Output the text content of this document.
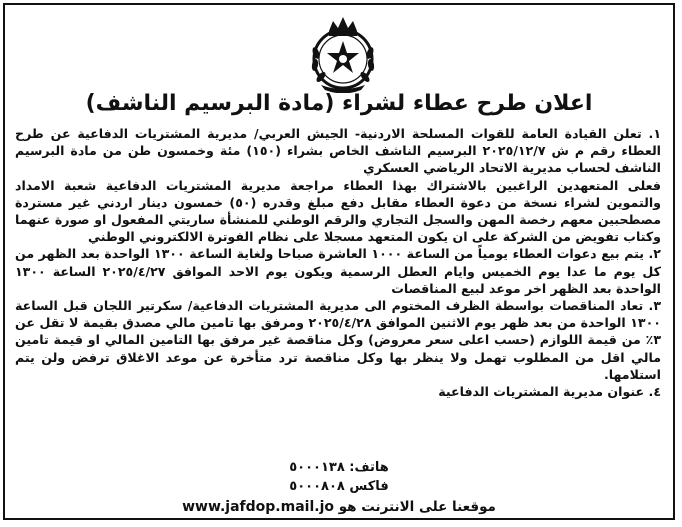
اعلان طرح عطاء لشراء (مادة البرسيم الناشف)

١. تعلن القيادة العامة للقوات المسلحة الاردنية- الجيش العربي/ مديرية المشتريات الدفاعية عن طرح العطاء رقم م ش ٢٠٢٥/١٢/٧ البرسيم الناشف الخاص بشراء (١٥٠) مئة وخمسون طن من مادة البرسيم الناشف لحساب مديرية الاتحاد الرياضي العسكري

فعلى المتعهدين الراغبين بالاشتراك بهذا العطاء مراجعة مديرية المشتريات الدفاعية شعبة الامداد والتموين لشراء نسخة من دعوة العطاء مقابل دفع مبلغ وقدره (٥٠) خمسون دينار اردني غير مستردة مصطحبين معهم رخصة المهن والسجل التجاري والرقم الوطني للمنشأة ساريتي المفعول او صورة عنهما وكتاب تفويض من الشركة على ان يكون المتعهد مسجلا على نظام الفوترة الالكتروني الوطني

٢. يتم بيع دعوات العطاء يومياً من الساعة ١٠٠٠ العاشرة صباحا ولغاية الساعة ١٣٠٠ الواحدة بعد الظهر من كل يوم ما عدا يوم الخميس وايام العطل الرسمية ويكون يوم الاحد الموافق ٢٠٢٥/٤/٢٧ الساعة ١٣٠٠ الواحدة بعد الظهر اخر موعد لبيع المناقصات

٣. تعاد المناقصات بواسطة الظرف المختوم الى مديرية المشتريات الدفاعية/ سكرتير اللجان قبل الساعة ١٣٠٠ الواحدة من بعد ظهر يوم الاثنين الموافق ٢٠٢٥/٤/٢٨ ومرفق بها تامين مالي مصدق بقيمة لا تقل عن ٣٪ من قيمة اللوازم (حسب اعلى سعر معروض) وكل مناقصة غير مرفق بها التامين المالي او قيمة تامين مالي اقل من المطلوب تهمل ولا ينظر بها وكل مناقصة ترد متأخرة عن موعد الاغلاق ترفض ولن يتم استلامها.

٤. عنوان مديرية المشتريات الدفاعية

هاتف: ٥٠٠٠١٣٨
فاكس ٥٠٠٠٨٠٨
موقعنا على الانترنت هو www.jafdop.mail.jo
